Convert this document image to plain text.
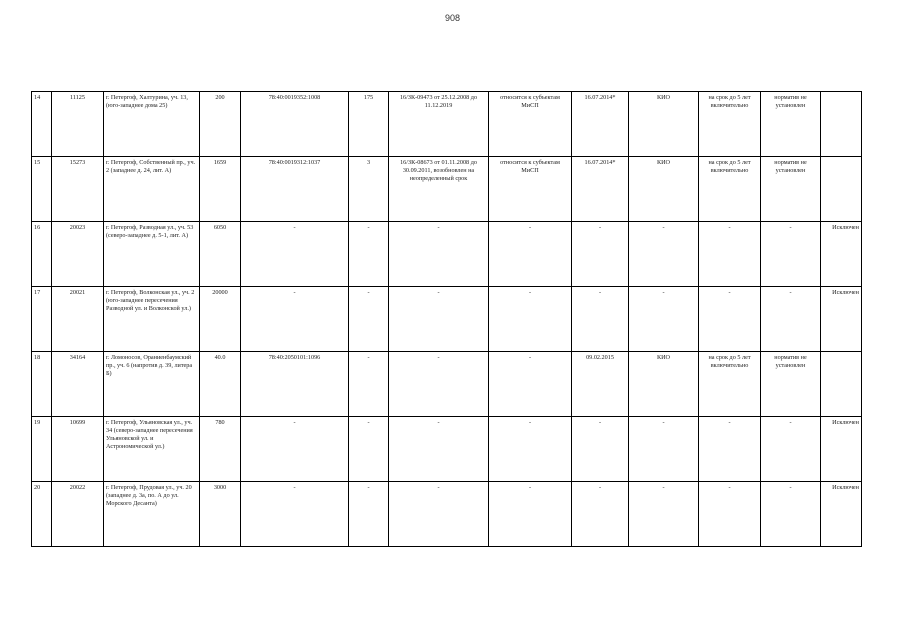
908
14	11125	г. Петергоф, Халтурина, уч. 13, (юго-западнее дома 25)	200	78:40:0019352:1008	175	16/ЗК-09473 от 25.12.2008 до 11.12.2019	относится к субъектам МиСП	16.07.2014*	КИО	на срок до 5 лет включительно	норматив не установлен	
15	15273	г. Петергоф, Собственный пр., уч. 2 (западнее д. 24, лит. А)	1659	78:40:0019312:1037	3	16/ЗК-08673 от 01.11.2008 до 30.09.2011, возобновлен на неопределенный срок	относится к субъектам МиСП	16.07.2014*	КИО	на срок до 5 лет включительно	норматив не установлен	
16	20023	г. Петергоф, Разводная ул., уч. 53 (северо-западнее д. 5-1, лит. А)	6050	-	-	-	-	-	-	-	-	Исключен
17	20021	г. Петергоф, Волконская ул., уч. 2 (юго-западнее пересечения Разводной ул. и Волконской ул.)	20000	-	-	-	-	-	-	-	-	Исключен
18	34164	г. Ломоносов, Ораниенбаумский пр., уч. 6 (напротив д. 39, литера Б)	40.0	78:40:2050101:1096	-	-	-	09.02.2015	КИО	на срок до 5 лет включительно	норматив не установлен	
19	10699	г. Петергоф, Ульяновская ул., уч. 34 (северо-западнее пересечения Ульяновской ул. и Астрономической ул.)	780	-	-	-	-	-	-	-	-	Исключен
20	20022	г. Петергоф, Прудовая ул., уч. 20 (западнее д. 3а, по. А до ул. Морского Десанта)	3000	-	-	-	-	-	-	-	-	Исключен
